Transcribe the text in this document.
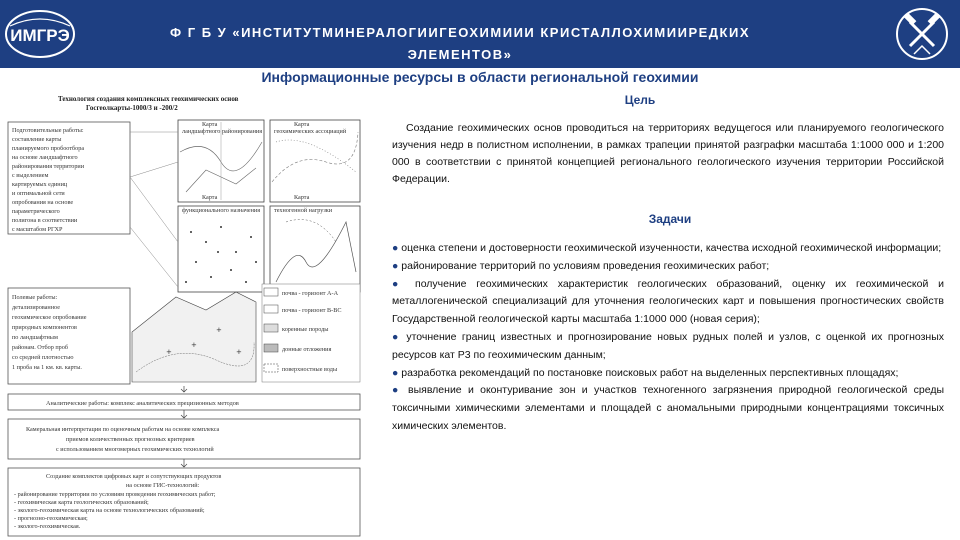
ИМГРЭ	Ф Г Б У «ИНСТИТУТМИНЕРАЛОГИИГЕОХИМИИИ КРИСТАЛЛОХИМИИРЕДКИХ
ЭЛЕМЕНТОВ»
Информационные ресурсы в области региональной геохимии
Технология создания комплексных геохимических основ
Госгеолкарты-1000/3 и -200/2
Подготовительные работы:
составление карты
планируемого пробоотбора
на основе ландшафтного
районирования территории
с выделением
картируемых единиц
и оптимальной сети
опробования на основе
параметрического
полигона в соответствии
с масштабом РГХР
Карта
ландшафтного районирования
Карта
геохимических ассоциаций
Карта
функционального назначения
Карта
техногенной нагрузки
Полевые работы:
детализированное
геохимическое опробование
природных компонентов
по ландшафтным
районам. Отбор проб
со средней плотностью
1 проба на 1 км. кв. карты.
+
+
+
+
почва - горизонт А-А
почва - горизонт В-ВС
коренные породы
донные отложения
поверхностные воды
Аналитические работы: комплекс аналитических прецизионных методов
Камеральная интерпретация по оценочным работам на основе комплекса
приемов количественных прогнозных критериев
с использованием многомерных геохимических технологий
Создание комплектов цифровых карт и сопутствующих продуктов
на основе ГИС-технологий:
- районирование территории по условиям проведения геохимических работ;
- геохимическая карта геологических образований;
- эколого-геохимическая карта на основе технологических образований;
- прогнозно-геохимическая;
- эколого-геохимическая.
Цель
Создание геохимических основ проводиться на территориях ведущегося или планируемого геологического изучения недр в полистном исполнении, в рамках трапеции принятой разграфки масштаба 1:1000 000 и 1:200 000 в соответствии с принятой концепцией регионального геологического изучения территории Российской Федерации.
Задачи
● оценка степени и достоверности геохимической изученности, качества исходной геохимической информации;
● районирование территорий по условиям проведения геохимических работ;
● получение геохимических характеристик геологических образований, оценку их геохимической и металлогенической специализаций для уточнения геологических карт и повышения прогностических свойств Государственной геологической карты масштаба 1:1000 000 (новая серия);
● уточнение границ известных и прогнозирование новых рудных полей и узлов, с оценкой их прогнозных ресурсов кат Р3 по геохимическим данным;
● разработка рекомендаций по постановке поисковых работ на выделенных перспективных площадях;
● выявление и оконтуривание зон и участков техногенного загрязнения природной геологической среды токсичными химическими элементами и площадей с аномальными природными концентрациями токсичных химических элементов.
